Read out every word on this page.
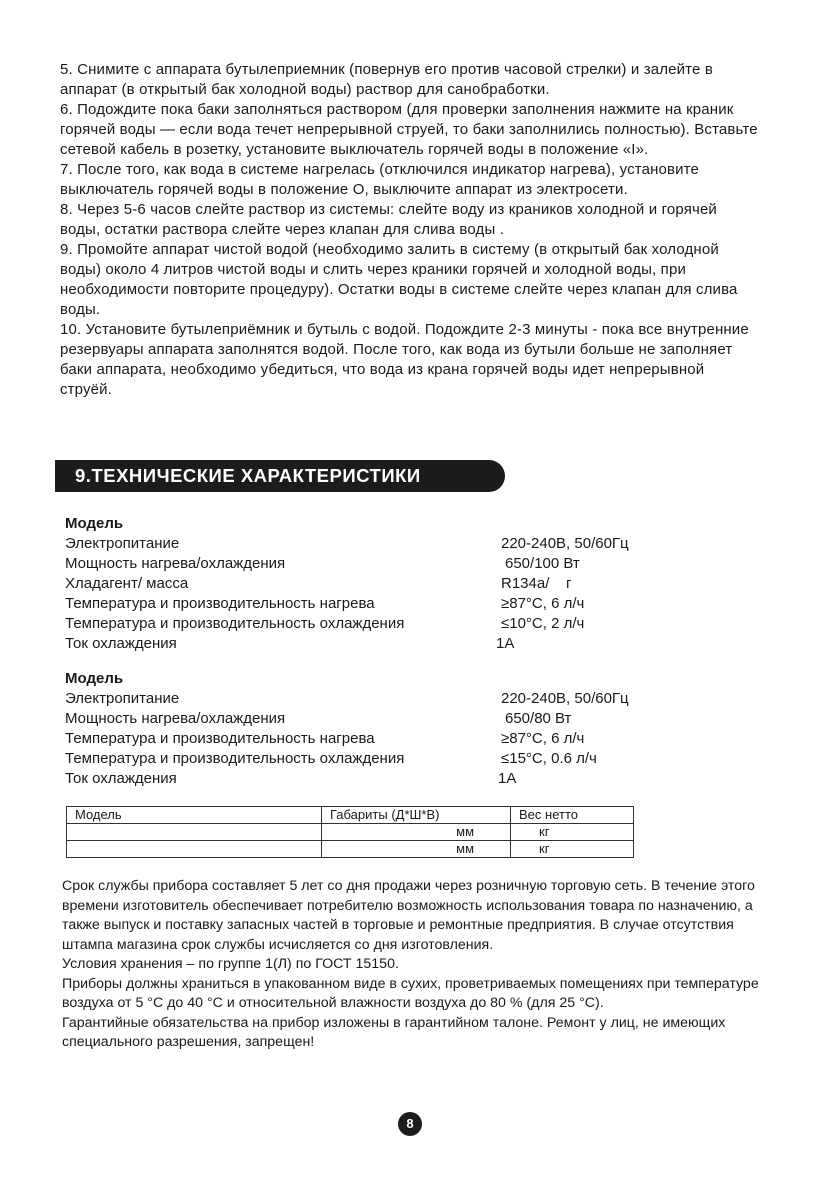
5. Снимите с аппарата бутылеприемник (повернув его против часовой стрелки) и залейте в аппарат (в открытый бак холодной воды) раствор для санобработки.

6. Подождите пока баки заполняться раствором (для проверки заполнения нажмите на краник горячей воды — если вода течет непрерывной струей, то баки заполнились полностью). Вставьте сетевой кабель в розетку, установите выключатель горячей воды в положение «I».

7. После того, как вода в системе нагрелась (отключился индикатор нагрева), установите выключатель горячей воды в положение О, выключите аппарат из электросети.

8. Через 5-6 часов слейте раствор из системы: слейте воду из краников холодной и горячей воды, остатки раствора слейте через клапан для слива воды .

9. Промойте аппарат чистой водой (необходимо залить в систему (в открытый бак холодной воды) около 4 литров чистой воды и слить через краники горячей и холодной воды, при необходимости повторите процедуру). Остатки воды в системе слейте через клапан для слива воды.

10. Установите бутылеприёмник и бутыль с водой. Подождите 2-3 минуты - пока все внутренние резервуары аппарата заполнятся водой. После того, как вода из бутыли больше не заполняет баки аппарата, необходимо убедиться, что вода из крана горячей воды идет непрерывной струёй.

9.ТЕХНИЧЕСКИЕ ХАРАКТЕРИСТИКИ
Модель
Электропитание	220-240В, 50/60Гц
Мощность нагрева/охлаждения	650/100 Вт
Хладагент/ масса	R134a/    г
Температура и производительность нагрева	≥87°С, 6 л/ч
Температура и производительность охлаждения	≤10°С, 2 л/ч
Ток охлаждения	1А
Модель
Электропитание	220-240В, 50/60Гц
Мощность нагрева/охлаждения	650/80 Вт
Температура и производительность нагрева	≥87°С, 6 л/ч
Температура и производительность охлаждения	≤15°С, 0.6 л/ч
Ток охлаждения	1А
Модель	Габариты (Д*Ш*В)	Вес нетто
	мм	кг
	мм	кг

Срок службы прибора составляет 5 лет со дня продажи через розничную торговую сеть. В течение этого времени изготовитель обеспечивает потребителю возможность использования товара по назначению, а также выпуск и поставку запасных частей в торговые и ремонтные предприятия. В случае отсутствия штампа магазина срок службы исчисляется со дня изготовления.

Условия хранения – по группе 1(Л) по ГОСТ 15150.

Приборы должны храниться в упакованном виде в сухих, проветриваемых помещениях при температуре воздуха от 5 °С до 40 °С и относительной влажности воздуха до 80 % (для 25 °С).

Гарантийные обязательства на прибор изложены в гарантийном талоне. Ремонт у лиц, не имеющих специального разрешения, запрещен!

8
